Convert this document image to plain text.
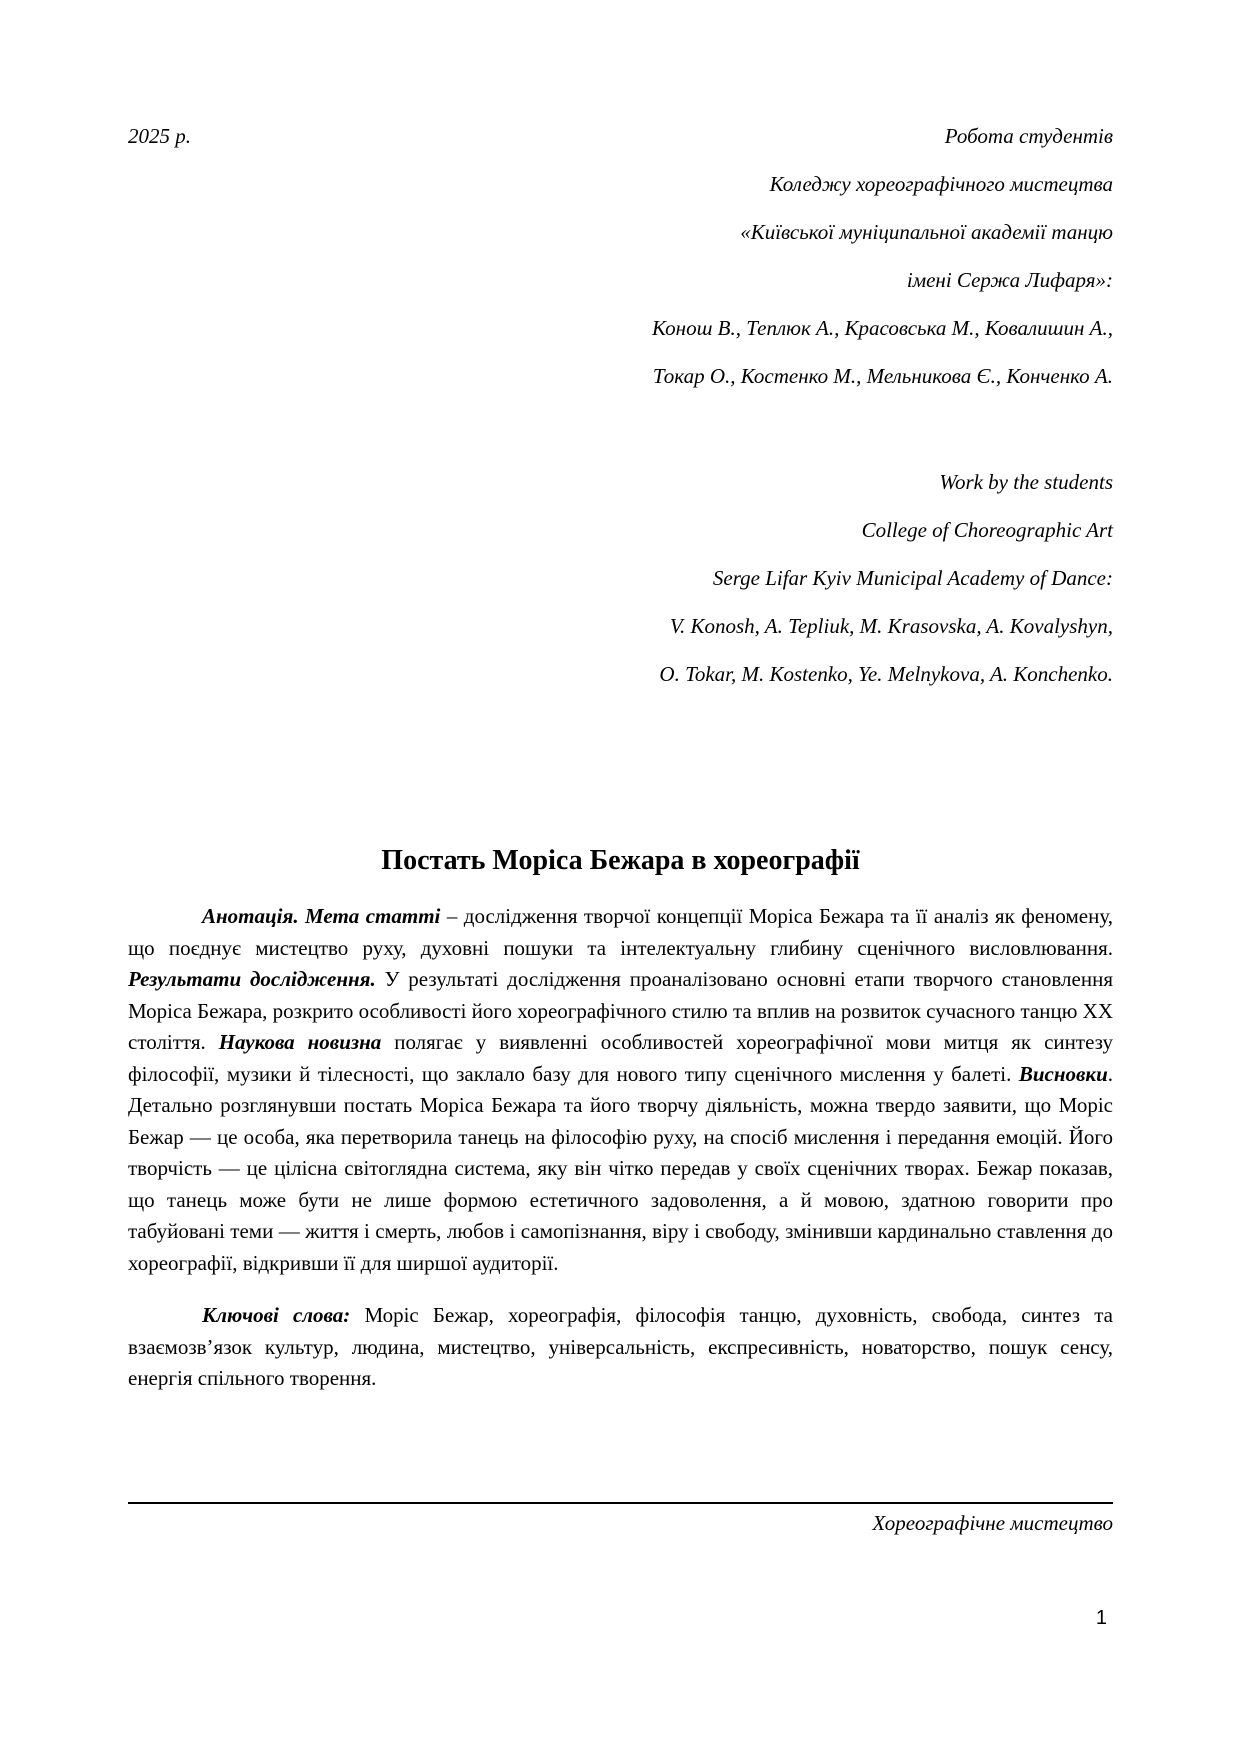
2025 р.	Робота студентів
Коледжу хореографічного мистецтва
«Київської муніципальної академії танцю
імені Сержа Лифаря»:
Конош В., Теплюк А., Красовська М., Ковалишин А.,
Токар О., Костенко М., Мельникова Є., Конченко А.
Work by the students
College of Choreographic Art
Serge Lifar Kyiv Municipal Academy of Dance:
V. Konosh, A. Tepliuk, M. Krasovska, A. Kovalyshyn,
O. Tokar, M. Kostenko, Ye. Melnykova, A. Konchenko.
Постать Моріса Бежара в хореографії

Анотація. Мета статті – дослідження творчої концепції Моріса Бежара та її аналіз як феномену, що поєднує мистецтво руху, духовні пошуки та інтелектуальну глибину сценічного висловлювання. Результати дослідження. У результаті дослідження проаналізовано основні етапи творчого становлення Моріса Бежара, розкрито особливості його хореографічного стилю та вплив на розвиток сучасного танцю ХХ століття. Наукова новизна полягає у виявленні особливостей хореографічної мови митця як синтезу філософії, музики й тілесності, що заклало базу для нового типу сценічного мислення у балеті. Висновки. Детально розглянувши постать Моріса Бежара та його творчу діяльність, можна твердо заявити, що Моріс Бежар — це особа, яка перетворила танець на філософію руху, на спосіб мислення і передання емоцій. Його творчість — це цілісна світоглядна система, яку він чітко передав у своїх сценічних творах. Бежар показав, що танець може бути не лише формою естетичного задоволення, а й мовою, здатною говорити про табуйовані теми — життя і смерть, любов і самопізнання, віру і свободу, змінивши кардинально ставлення до хореографії, відкривши її для ширшої аудиторії.

Ключові слова: Моріс Бежар, хореографія, філософія танцю, духовність, свобода, синтез та взаємозв’язок культур, людина, мистецтво, універсальність, експресивність, новаторство, пошук сенсу, енергія спільного творення.

Хореографічне мистецтво
1
